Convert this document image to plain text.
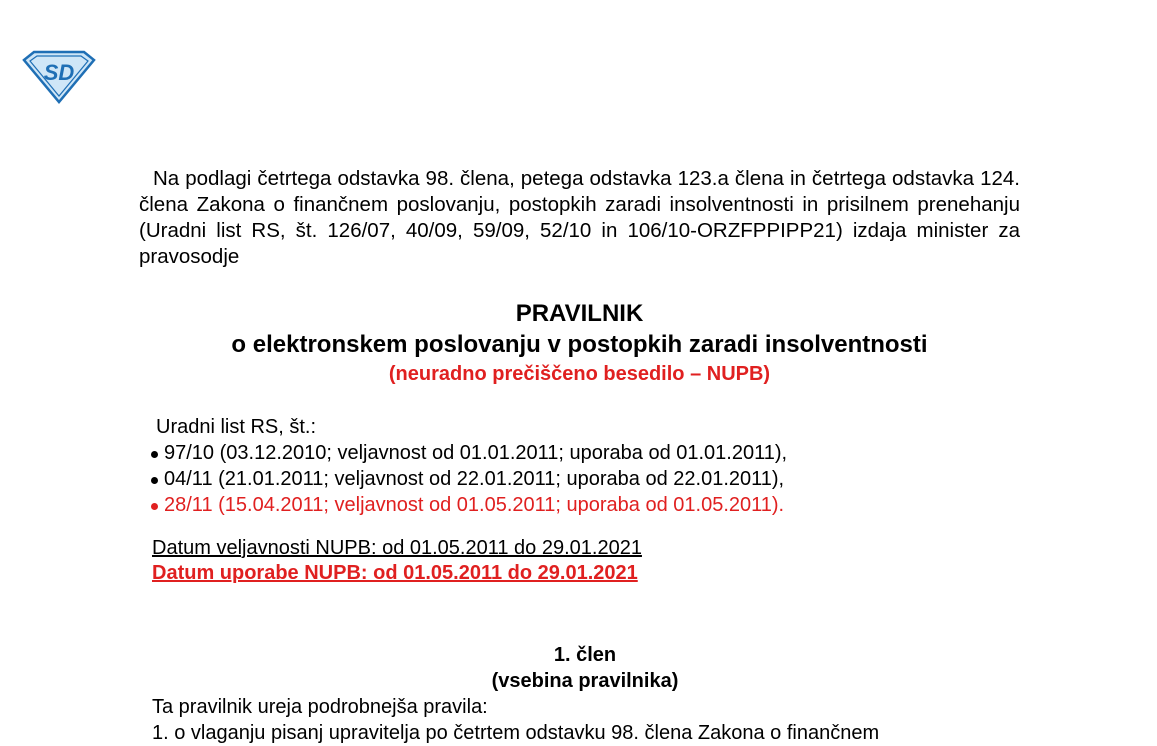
SD

Na podlagi četrtega odstavka 98. člena, petega odstavka 123.a člena in četrtega odstavka 124. člena Zakona o finančnem poslovanju, postopkih zaradi insolventnosti in prisilnem prenehanju (Uradni list RS, št. 126/07, 40/09, 59/09, 52/10 in 106/10-ORZFPPIPP21) izdaja minister za pravosodje

PRAVILNIK

o elektronskem poslovanju v postopkih zaradi insolventnosti

(neuradno prečiščeno besedilo – NUPB)

Uradni list RS, št.:

97/10 (03.12.2010; veljavnost od 01.01.2011; uporaba od 01.01.2011),
04/11 (21.01.2011; veljavnost od 22.01.2011; uporaba od 22.01.2011),
28/11 (15.04.2011; veljavnost od 01.05.2011; uporaba od 01.05.2011).

Datum veljavnosti NUPB: od 01.05.2011 do 29.01.2021

Datum uporabe NUPB: od 01.05.2011 do 29.01.2021

1. člen

(vsebina pravilnika)

Ta pravilnik ureja podrobnejša pravila:

1. o vlaganju pisanj upravitelja po četrtem odstavku 98. člena Zakona o finančnem
